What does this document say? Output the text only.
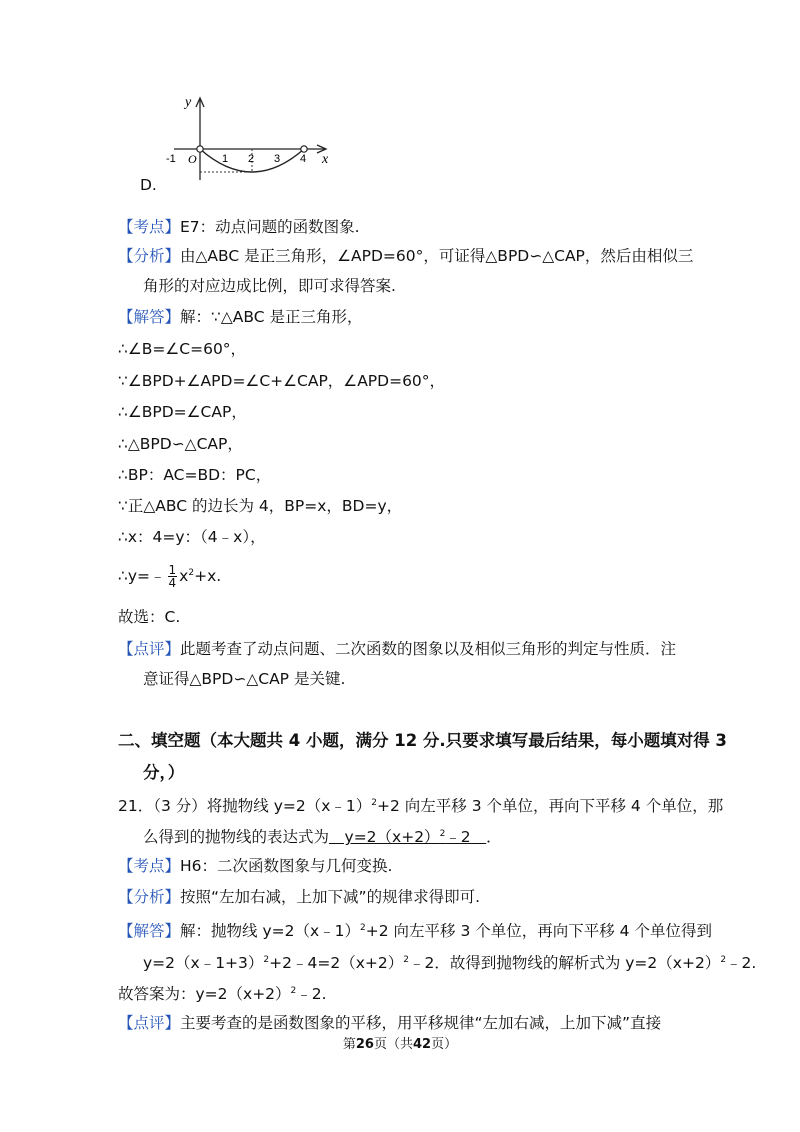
y
x
O
-1	1 2 3 4
D.
【考点】E7：动点问题的函数图象.
【分析】由△ABC 是正三角形，∠APD=60°，可证得△BPD∽△CAP，然后由相似三
角形的对应边成比例，即可求得答案.
【解答】解：∵△ABC 是正三角形，
∴∠B=∠C=60°，
∵∠BPD+∠APD=∠C+∠CAP，∠APD=60°，
∴∠BPD=∠CAP，
∴△BPD∽△CAP，
∴BP：AC=BD：PC，
∵正△ABC 的边长为 4，BP=x，BD=y，
∴x：4=y：（4﹣x），
∴y=﹣ $\frac{1}{4} x^2+x$.
故选：C.
【点评】此题考查了动点问题、二次函数的图象以及相似三角形的判定与性质．注
意证得△BPD∽△CAP 是关键.
二、填空题（本大题共 4 小题，满分 12 分.只要求填写最后结果，每小题填对得 3
分，）
21．（3 分）将抛物线 y=2（x﹣1）$^2$+2 向左平移 3 个单位，再向下平移 4 个单位，那
么得到的抛物线的表达式为　$y=2(x+2)^2﹣2$　．
【考点】H6：二次函数图象与几何变换.
【分析】按照“左加右减，上加下减”的规律求得即可.
【解答】解：抛物线 y=2（x﹣1）$^2$+2 向左平移 3 个单位，再向下平移 4 个单位得到
$y=2(x﹣1+3)^2+2﹣4=2(x+2)^2﹣2$．故得到抛物线的解析式为 $y=2(x+2)^2﹣2$.
故答案为：$y=2(x+2)^2﹣2$.
【点评】主要考查的是函数图象的平移，用平移规律“左加右减，上加下减”直接
第26页（共42页）
